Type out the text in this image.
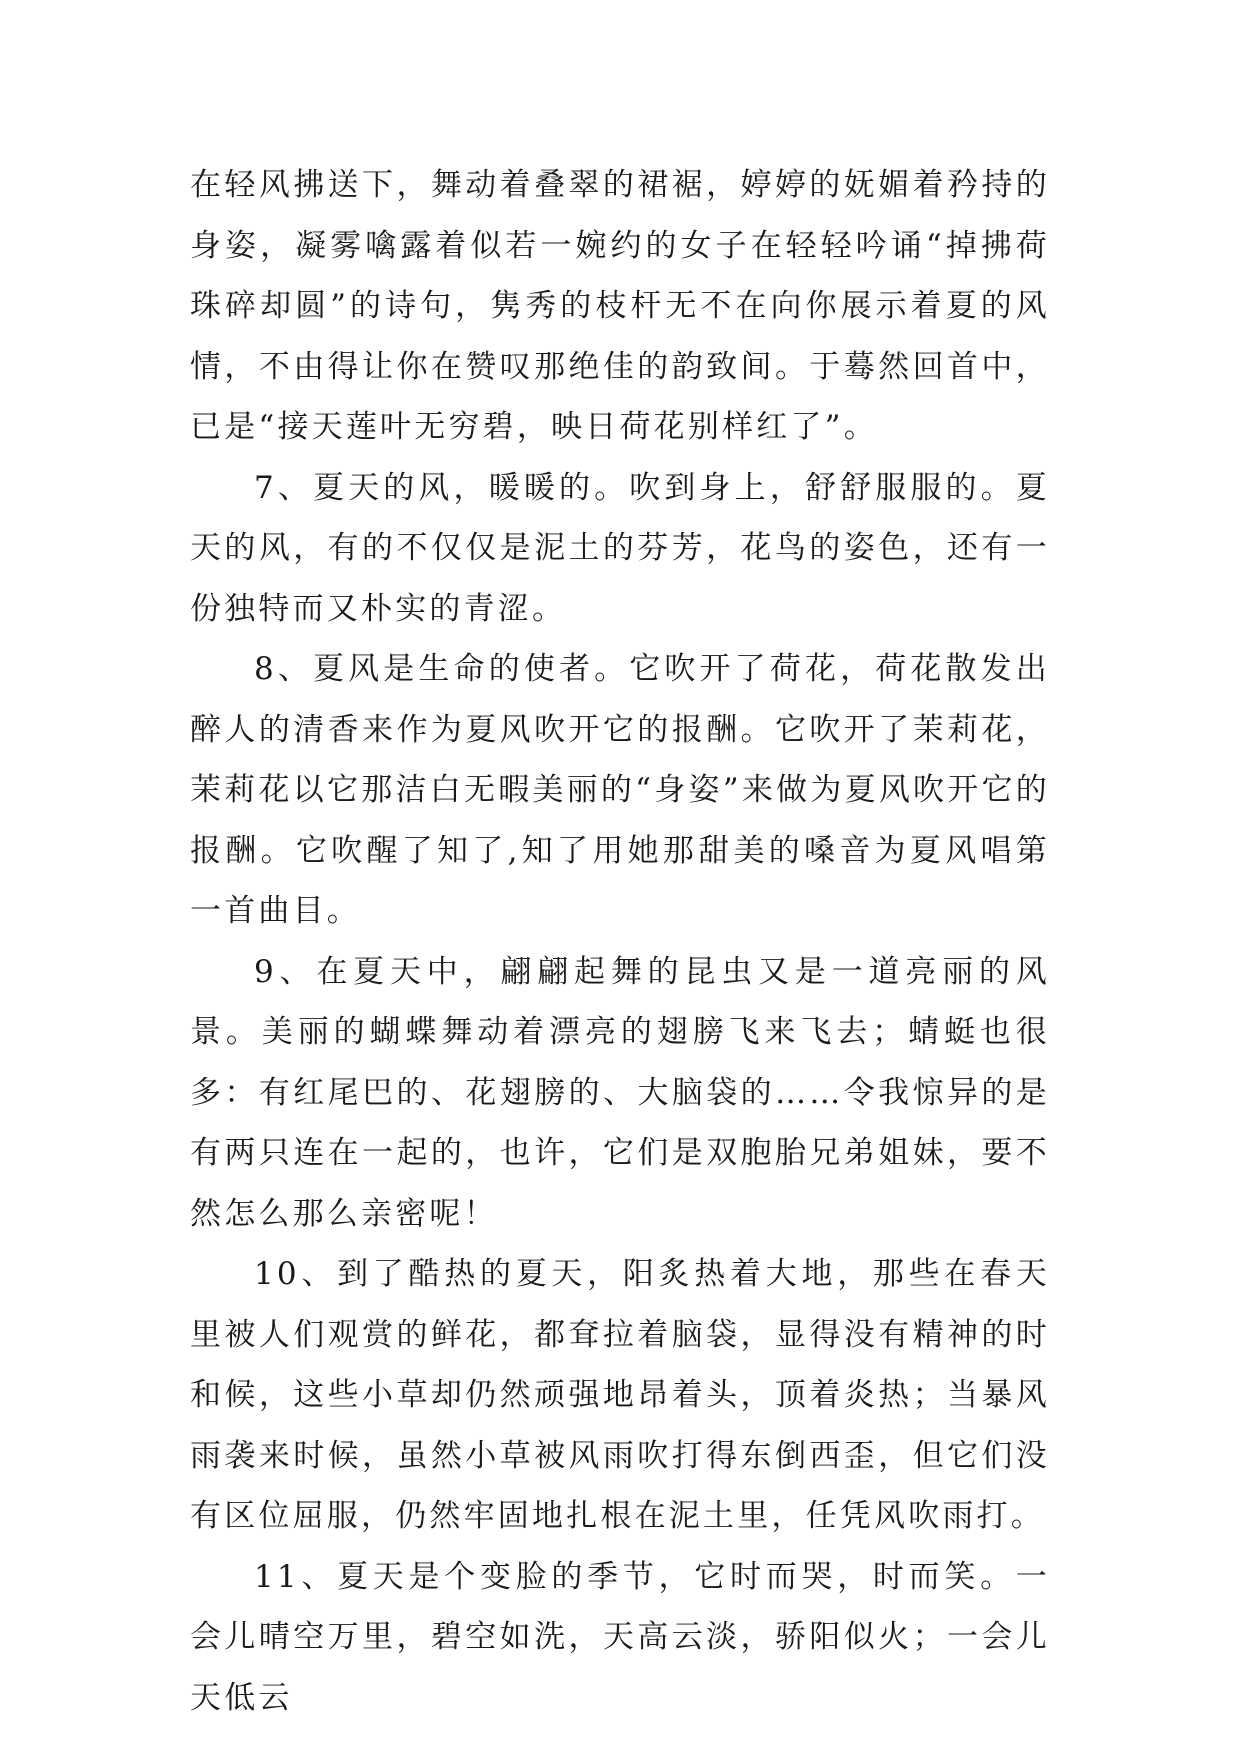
在轻风拂送下，舞动着叠翠的裙裾，婷婷的妩媚着矜持的身姿，凝雾噙露着似若一婉约的女子在轻轻吟诵“掉拂荷珠碎却圆”的诗句，隽秀的枝杆无不在向你展示着夏的风情，不由得让你在赞叹那绝佳的韵致间。于蓦然回首中，已是“接天莲叶无穷碧，映日荷花别样红了”。

7、夏天的风，暖暖的。吹到身上，舒舒服服的。夏天的风，有的不仅仅是泥土的芬芳，花鸟的姿色，还有一份独特而又朴实的青涩。

8、夏风是生命的使者。它吹开了荷花，荷花散发出醉人的清香来作为夏风吹开它的报酬。它吹开了茉莉花，茉莉花以它那洁白无暇美丽的“身姿”来做为夏风吹开它的报酬。它吹醒了知了,知了用她那甜美的嗓音为夏风唱第一首曲目。

9、在夏天中，翩翩起舞的昆虫又是一道亮丽的风景。美丽的蝴蝶舞动着漂亮的翅膀飞来飞去；蜻蜓也很多：有红尾巴的、花翅膀的、大脑袋的……令我惊异的是有两只连在一起的，也许，它们是双胞胎兄弟姐妹，要不然怎么那么亲密呢！

10、到了酷热的夏天，阳炙热着大地，那些在春天里被人们观赏的鲜花，都耷拉着脑袋，显得没有精神的时和候，这些小草却仍然顽强地昂着头，顶着炎热；当暴风雨袭来时候，虽然小草被风雨吹打得东倒西歪，但它们没有区位屈服，仍然牢固地扎根在泥土里，任凭风吹雨打。

11、夏天是个变脸的季节，它时而哭，时而笑。一会儿晴空万里，碧空如洗，天高云淡，骄阳似火；一会儿天低云
